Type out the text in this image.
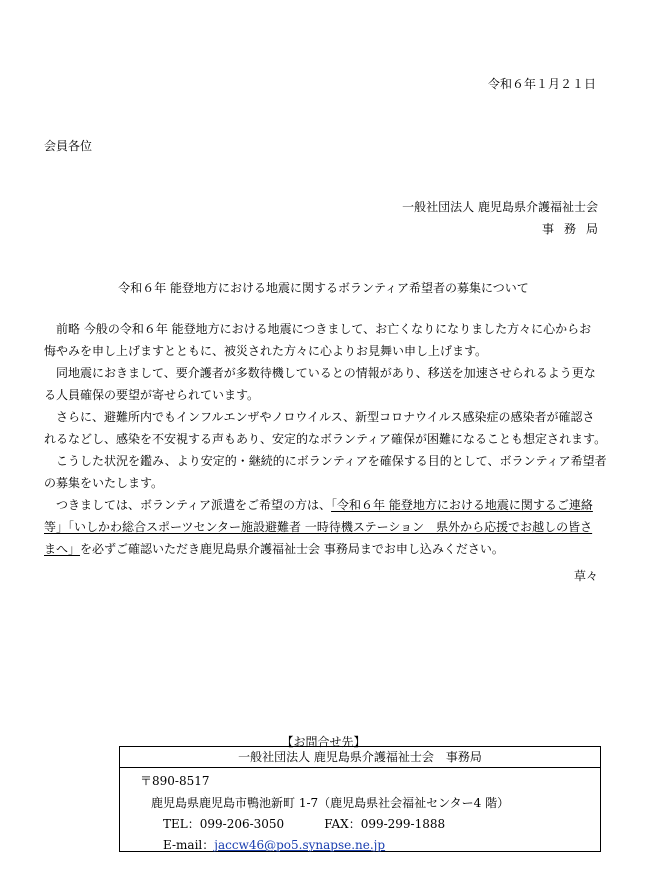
令和６年１月２１日
会員各位
一般社団法人 鹿児島県介護福祉士会
事務局
令和６年 能登地方における地震に関するボランティア希望者の募集について
　前略 今般の令和６年 能登地方における地震につきまして、お亡くなりになりました方々に心からお
悔やみを申し上げますとともに、被災された方々に心よりお見舞い申し上げます。
　同地震におきまして、要介護者が多数待機しているとの情報があり、移送を加速させられるよう更な
る人員確保の要望が寄せられています。
　さらに、避難所内でもインフルエンザやノロウイルス、新型コロナウイルス感染症の感染者が確認さ
れるなどし、感染を不安視する声もあり、安定的なボランティア確保が困難になることも想定されます。
　こうした状況を鑑み、より安定的・継続的にボランティアを確保する目的として、ボランティア希望者
の募集をいたします。
　つきましては、ボランティア派遣をご希望の方は、「令和６年 能登地方における地震に関するご連絡
等」「いしかわ総合スポーツセンター施設避難者 一時待機ステーション　県外から応援でお越しの皆さ
まへ」を必ずご確認いただき鹿児島県介護福祉士会 事務局までお申し込みください。
草々
【お問合せ先】
一般社団法人 鹿児島県介護福祉士会　事務局
〒890-8517
鹿児島県鹿児島市鴨池新町 1-7（鹿児島県社会福祉センター4 階）
TEL：099-206-3050	FAX：099-299-1888
E-mail：jaccw46@po5.synapse.ne.jp
